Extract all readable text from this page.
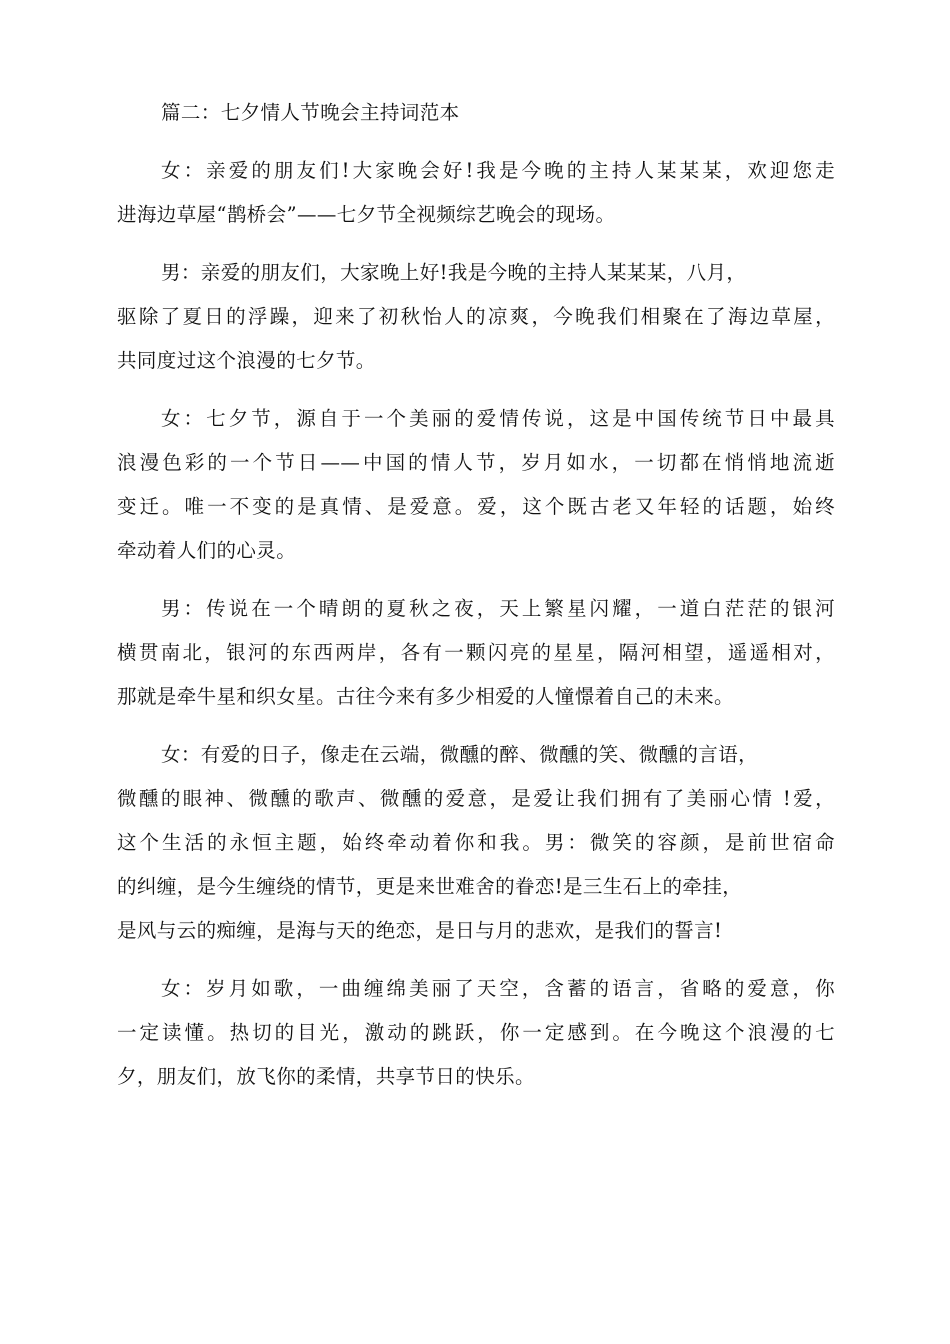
篇二：七夕情人节晚会主持词范本
女：亲爱的朋友们!大家晚会好!我是今晚的主持人某某某，欢迎您走
进海边草屋“鹊桥会”——七夕节全视频综艺晚会的现场。
男：亲爱的朋友们，大家晚上好!我是今晚的主持人某某某，八月，
驱除了夏日的浮躁，迎来了初秋怡人的凉爽，今晚我们相聚在了海边草屋，
共同度过这个浪漫的七夕节。
女：七夕节，源自于一个美丽的爱情传说，这是中国传统节日中最具
浪漫色彩的一个节日——中国的情人节，岁月如水，一切都在悄悄地流逝
变迁。唯一不变的是真情、是爱意。爱，这个既古老又年轻的话题，始终
牵动着人们的心灵。
男：传说在一个晴朗的夏秋之夜，天上繁星闪耀，一道白茫茫的银河
横贯南北，银河的东西两岸，各有一颗闪亮的星星，隔河相望，遥遥相对，
那就是牵牛星和织女星。古往今来有多少相爱的人憧憬着自己的未来。
女：有爱的日子，像走在云端，微醺的醉、微醺的笑、微醺的言语，
微醺的眼神、微醺的歌声、微醺的爱意，是爱让我们拥有了美丽心情 !爱，
这个生活的永恒主题，始终牵动着你和我。男：微笑的容颜，是前世宿命
的纠缠，是今生缠绕的情节，更是来世难舍的眷恋!是三生石上的牵挂，
是风与云的痴缠，是海与天的绝恋，是日与月的悲欢，是我们的誓言!
女：岁月如歌，一曲缠绵美丽了天空，含蓄的语言，省略的爱意，你
一定读懂。热切的目光，激动的跳跃，你一定感到。在今晚这个浪漫的七
夕，朋友们，放飞你的柔情，共享节日的快乐。
